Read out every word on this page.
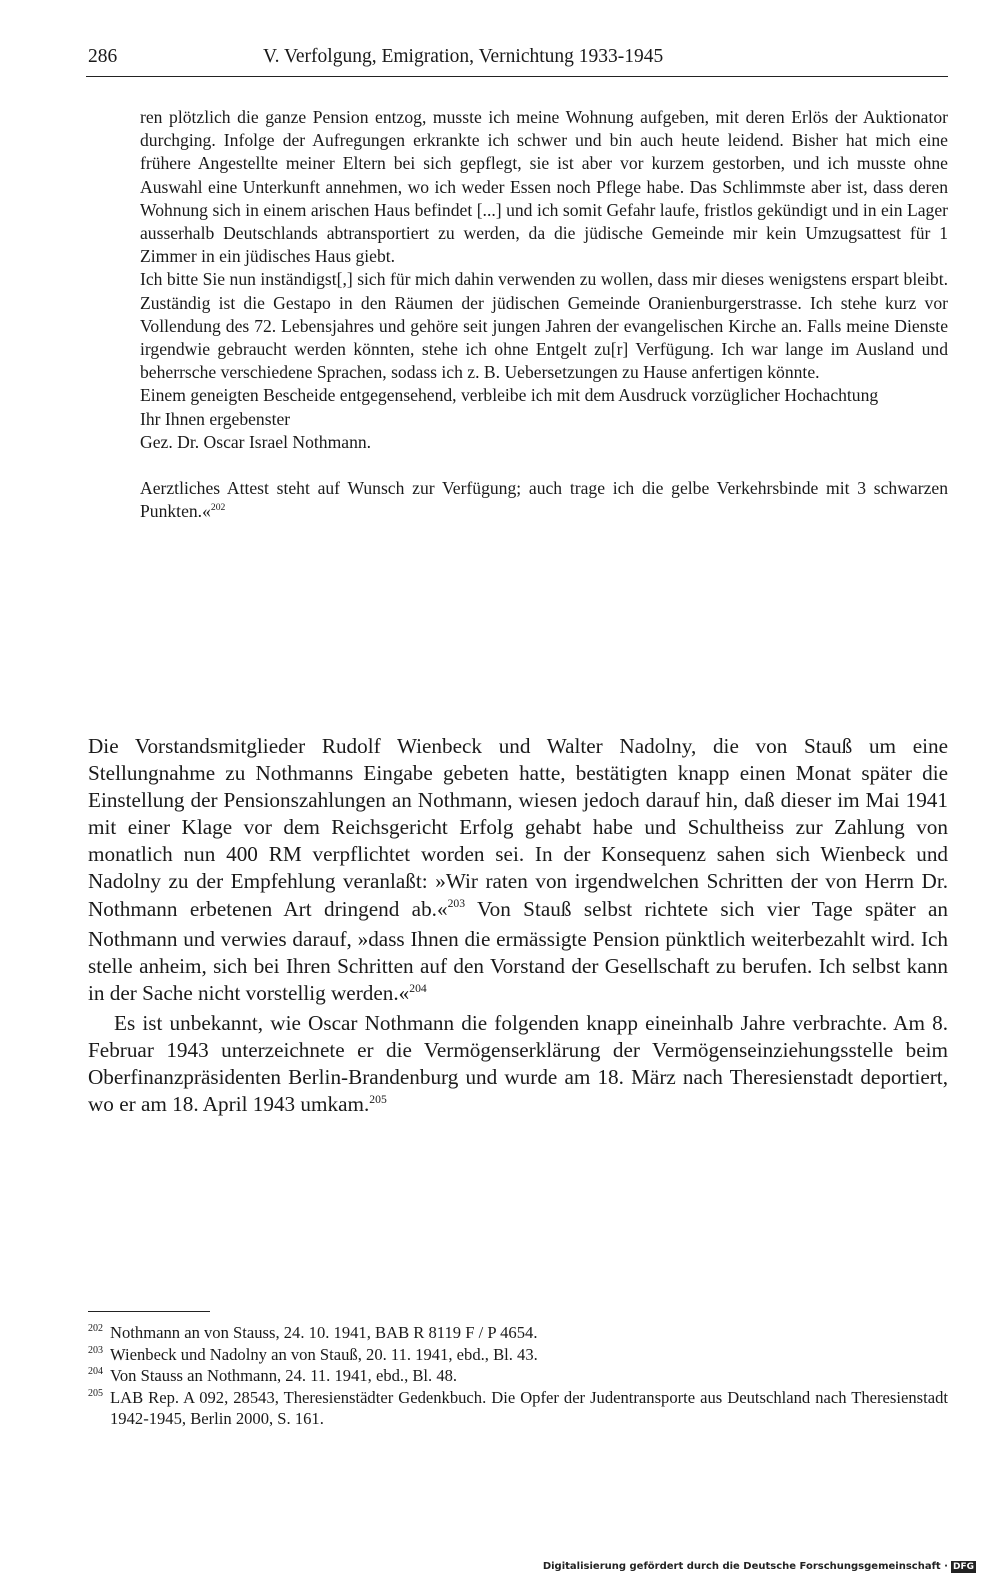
286	V. Verfolgung, Emigration, Vernichtung 1933-1945

ren plötzlich die ganze Pension entzog, musste ich meine Wohnung aufgeben, mit deren Erlös der Auktionator durchging. Infolge der Aufregungen erkrankte ich schwer und bin auch heute leidend. Bisher hat mich eine frühere Angestellte meiner Eltern bei sich gepflegt, sie ist aber vor kurzem gestorben, und ich musste ohne Auswahl eine Unterkunft annehmen, wo ich weder Essen noch Pflege habe. Das Schlimmste aber ist, dass deren Wohnung sich in einem arischen Haus befindet [...] und ich somit Gefahr laufe, fristlos gekündigt und in ein Lager ausserhalb Deutschlands abtransportiert zu werden, da die jüdische Gemeinde mir kein Umzugsattest für 1 Zimmer in ein jüdisches Haus giebt.

Ich bitte Sie nun inständigst[,] sich für mich dahin verwenden zu wollen, dass mir dieses wenigstens erspart bleibt. Zuständig ist die Gestapo in den Räumen der jüdischen Gemeinde Oranienburgerstrasse. Ich stehe kurz vor Vollendung des 72. Lebensjahres und gehöre seit jungen Jahren der evangelischen Kirche an. Falls meine Dienste irgendwie gebraucht werden könnten, stehe ich ohne Entgelt zu[r] Verfügung. Ich war lange im Ausland und beherrsche verschiedene Sprachen, sodass ich z. B. Uebersetzungen zu Hause anfertigen könnte.

Einem geneigten Bescheide entgegensehend, verbleibe ich mit dem Ausdruck vorzüglicher Hochachtung

Ihr Ihnen ergebenster

Gez. Dr. Oscar Israel Nothmann.

Aerztliches Attest steht auf Wunsch zur Verfügung; auch trage ich die gelbe Verkehrsbinde mit 3 schwarzen Punkten.«$^{202}$

Die Vorstandsmitglieder Rudolf Wienbeck und Walter Nadolny, die von Stauß um eine Stellungnahme zu Nothmanns Eingabe gebeten hatte, bestätigten knapp einen Monat später die Einstellung der Pensionszahlungen an Nothmann, wiesen jedoch darauf hin, daß dieser im Mai 1941 mit einer Klage vor dem Reichsgericht Erfolg gehabt habe und Schultheiss zur Zahlung von monatlich nun 400 RM verpflichtet worden sei. In der Konsequenz sahen sich Wienbeck und Nadolny zu der Empfehlung veranlaßt: »Wir raten von irgendwelchen Schritten der von Herrn Dr. Nothmann erbetenen Art dringend ab.«$^{203}$ Von Stauß selbst richtete sich vier Tage später an Nothmann und verwies darauf, »dass Ihnen die ermässigte Pension pünktlich weiterbezahlt wird. Ich stelle anheim, sich bei Ihren Schritten auf den Vorstand der Gesellschaft zu berufen. Ich selbst kann in der Sache nicht vorstellig werden.«$^{204}$

Es ist unbekannt, wie Oscar Nothmann die folgenden knapp eineinhalb Jahre verbrachte. Am 8. Februar 1943 unterzeichnete er die Vermögenserklärung der Vermögenseinziehungsstelle beim Oberfinanzpräsidenten Berlin-Brandenburg und wurde am 18. März nach Theresienstadt deportiert, wo er am 18. April 1943 umkam.$^{205}$

202 Nothmann an von Stauss, 24. 10. 1941, BAB R 8119 F / P 4654.
203 Wienbeck und Nadolny an von Stauß, 20. 11. 1941, ebd., Bl. 43.
204 Von Stauss an Nothmann, 24. 11. 1941, ebd., Bl. 48.
205 LAB Rep. A 092, 28543, Theresienstädter Gedenkbuch. Die Opfer der Judentransporte aus Deutschland nach Theresienstadt 1942-1945, Berlin 2000, S. 161.
Digitalisierung gefördert durch die Deutsche Forschungsgemeinschaft · DFG
